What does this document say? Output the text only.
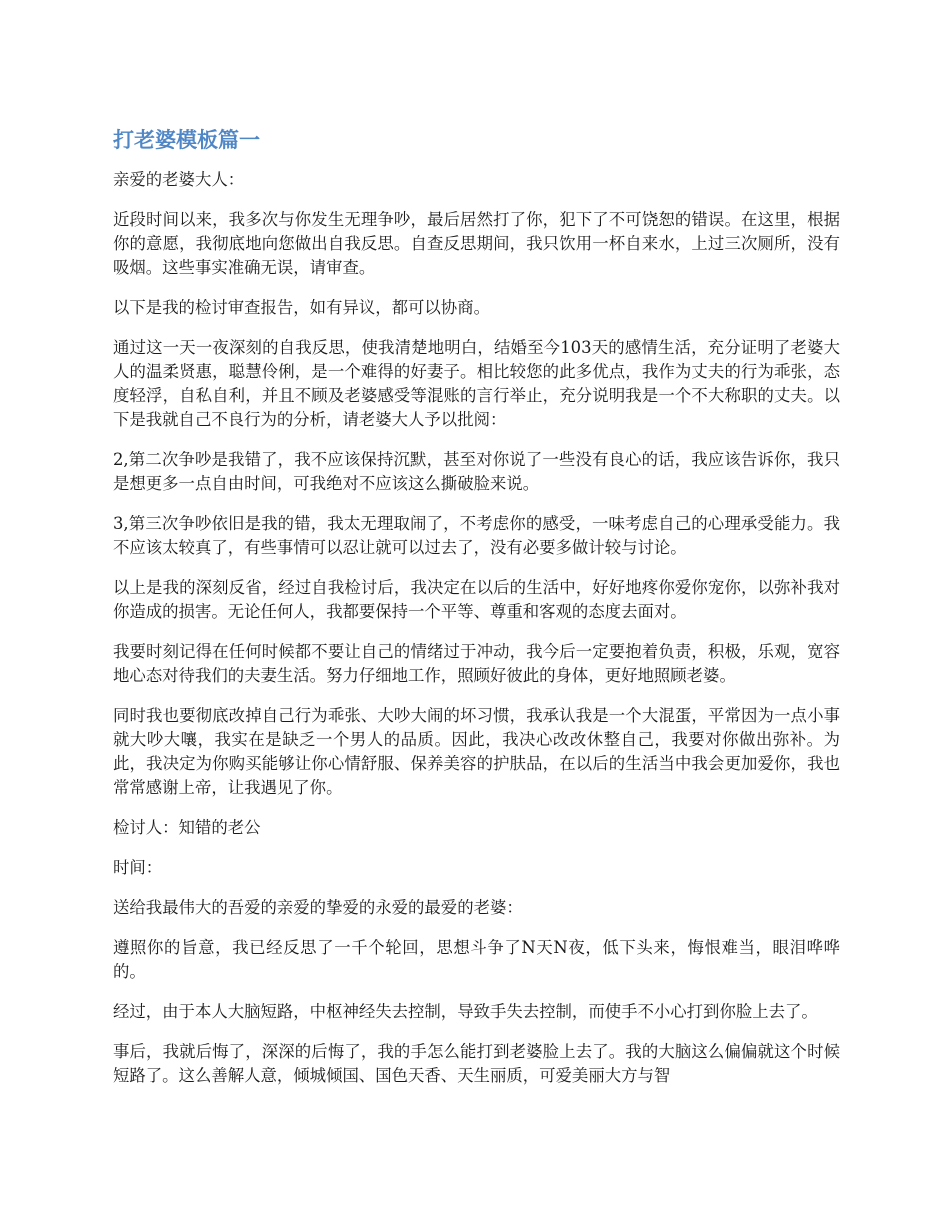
打老婆模板篇一

亲爱的老婆大人：

近段时间以来，我多次与你发生无理争吵，最后居然打了你，犯下了不可饶恕的错误。在这里，根据你的意愿，我彻底地向您做出自我反思。自查反思期间，我只饮用一杯自来水，上过三次厕所，没有吸烟。这些事实准确无误，请审查。

以下是我的检讨审查报告，如有异议，都可以协商。

通过这一天一夜深刻的自我反思，使我清楚地明白，结婚至今103天的感情生活，充分证明了老婆大人的温柔贤惠，聪慧伶俐，是一个难得的好妻子。相比较您的此多优点，我作为丈夫的行为乖张，态度轻浮，自私自利，并且不顾及老婆感受等混账的言行举止，充分说明我是一个不大称职的丈夫。以下是我就自己不良行为的分析，请老婆大人予以批阅：

2,第二次争吵是我错了，我不应该保持沉默，甚至对你说了一些没有良心的话，我应该告诉你，我只是想更多一点自由时间，可我绝对不应该这么撕破脸来说。

3,第三次争吵依旧是我的错，我太无理取闹了，不考虑你的感受，一味考虑自己的心理承受能力。我不应该太较真了，有些事情可以忍让就可以过去了，没有必要多做计较与讨论。

以上是我的深刻反省，经过自我检讨后，我决定在以后的生活中，好好地疼你爱你宠你，以弥补我对你造成的损害。无论任何人，我都要保持一个平等、尊重和客观的态度去面对。

我要时刻记得在任何时候都不要让自己的情绪过于冲动，我今后一定要抱着负责，积极，乐观，宽容地心态对待我们的夫妻生活。努力仔细地工作，照顾好彼此的身体，更好地照顾老婆。

同时我也要彻底改掉自己行为乖张、大吵大闹的坏习惯，我承认我是一个大混蛋，平常因为一点小事就大吵大嚷，我实在是缺乏一个男人的品质。因此，我决心改改休整自己，我要对你做出弥补。为此，我决定为你购买能够让你心情舒服、保养美容的护肤品，在以后的生活当中我会更加爱你，我也常常感谢上帝，让我遇见了你。

检讨人：知错的老公

时间：

送给我最伟大的吾爱的亲爱的挚爱的永爱的最爱的老婆：

遵照你的旨意，我已经反思了一千个轮回，思想斗争了N天N夜，低下头来，悔恨难当，眼泪哗哗的。

经过，由于本人大脑短路，中枢神经失去控制，导致手失去控制，而使手不小心打到你脸上去了。

事后，我就后悔了，深深的后悔了，我的手怎么能打到老婆脸上去了。我的大脑这么偏偏就这个时候短路了。这么善解人意，倾城倾国、国色天香、天生丽质，可爱美丽大方与智
